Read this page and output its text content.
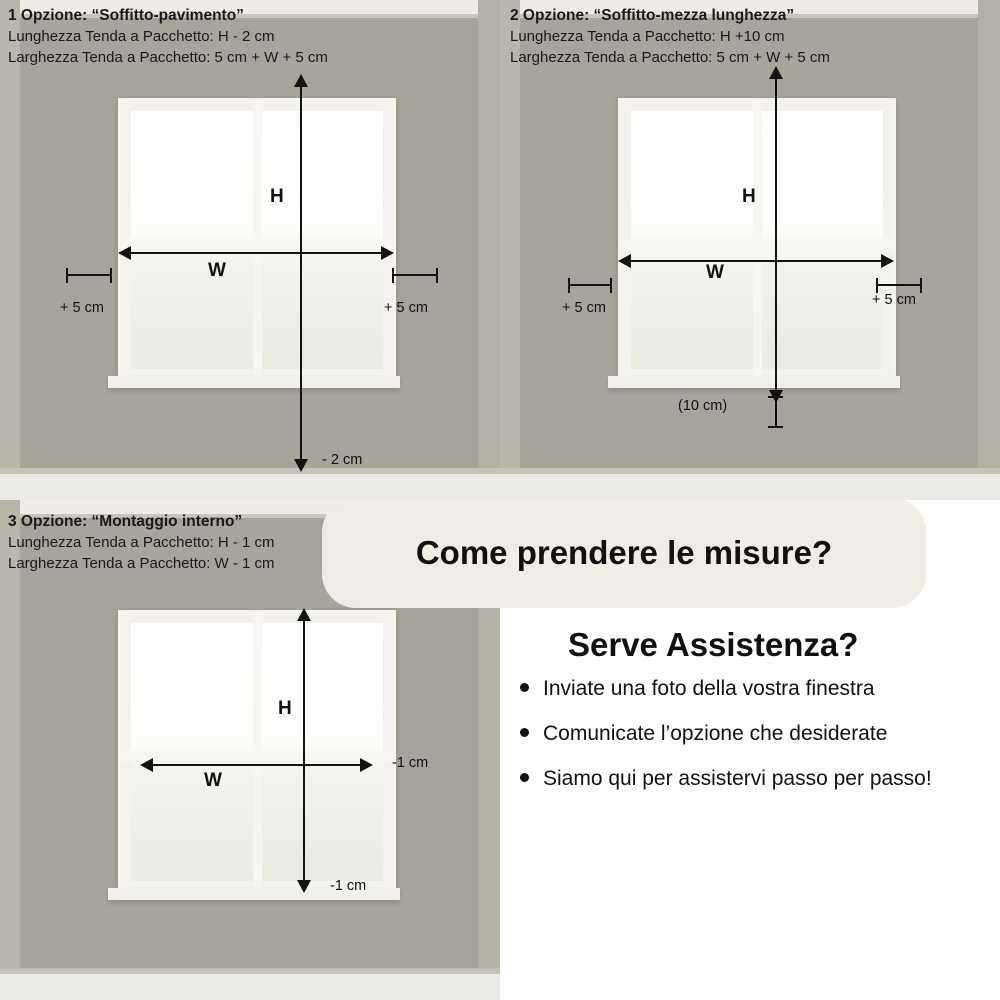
1 Opzione: “Soffitto-pavimento”
Lunghezza Tenda a Pacchetto: H - 2 cm
Larghezza Tenda a Pacchetto: 5 cm + W + 5 cm
H
- 2 cm
W
+ 5 cm	+ 5 cm
2 Opzione: “Soffitto-mezza lunghezza”
Lunghezza Tenda a Pacchetto: H +10 cm
Larghezza Tenda a Pacchetto: 5 cm + W + 5 cm
H
W
+ 5 cm	+ 5 cm
(10 cm)
3 Opzione: “Montaggio interno”
Lunghezza Tenda a Pacchetto: H - 1 cm
Larghezza Tenda a Pacchetto: W - 1 cm
H
-1 cm
-1 cm
W
Come prendere le misure?
Serve Assistenza?
Inviate una foto della vostra finestra
Comunicate l’opzione che desiderate
Siamo qui per assistervi passo per passo!
